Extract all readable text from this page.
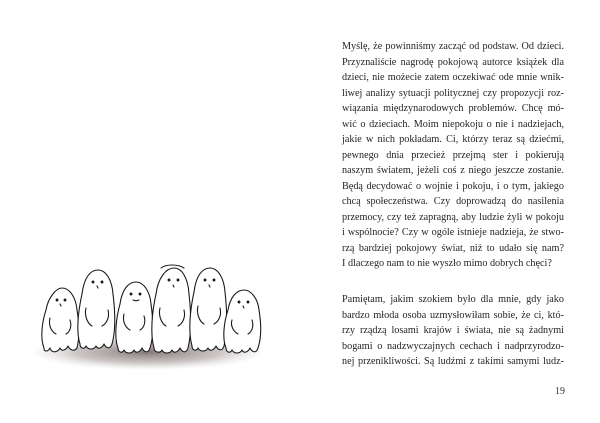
Myślę, że powinniśmy zacząć od podstaw. Od dzieci.
Przyznaliście nagrodę pokojową autorce książek dla
dzieci, nie możecie zatem oczekiwać ode mnie wnik-
liwej analizy sytuacji politycznej czy propozycji roz-
wiązania międzynarodowych problemów. Chcę mó-
wić o dzieciach. Moim niepokoju o nie i nadziejach,
jakie w nich pokładam. Ci, którzy teraz są dziećmi,
pewnego dnia przecież przejmą ster i pokierują
naszym światem, jeżeli coś z niego jeszcze zostanie.
Będą decydować o wojnie i pokoju, i o tym, jakiego
chcą społeczeństwa. Czy doprowadzą do nasilenia
przemocy, czy też zapragną, aby ludzie żyli w pokoju
i wspólnocie? Czy w ogóle istnieje nadzieja, że stwo-
rzą bardziej pokojowy świat, niż to udało się nam?
I dlaczego nam to nie wyszło mimo dobrych chęci?
Pamiętam, jakim szokiem było dla mnie, gdy jako
bardzo młoda osoba uzmysłowiłam sobie, że ci, któ-
rzy rządzą losami krajów i świata, nie są żadnymi
bogami o nadzwyczajnych cechach i nadprzyrodzo-
nej przenikliwości. Są ludźmi z takimi samymi ludz-
19
